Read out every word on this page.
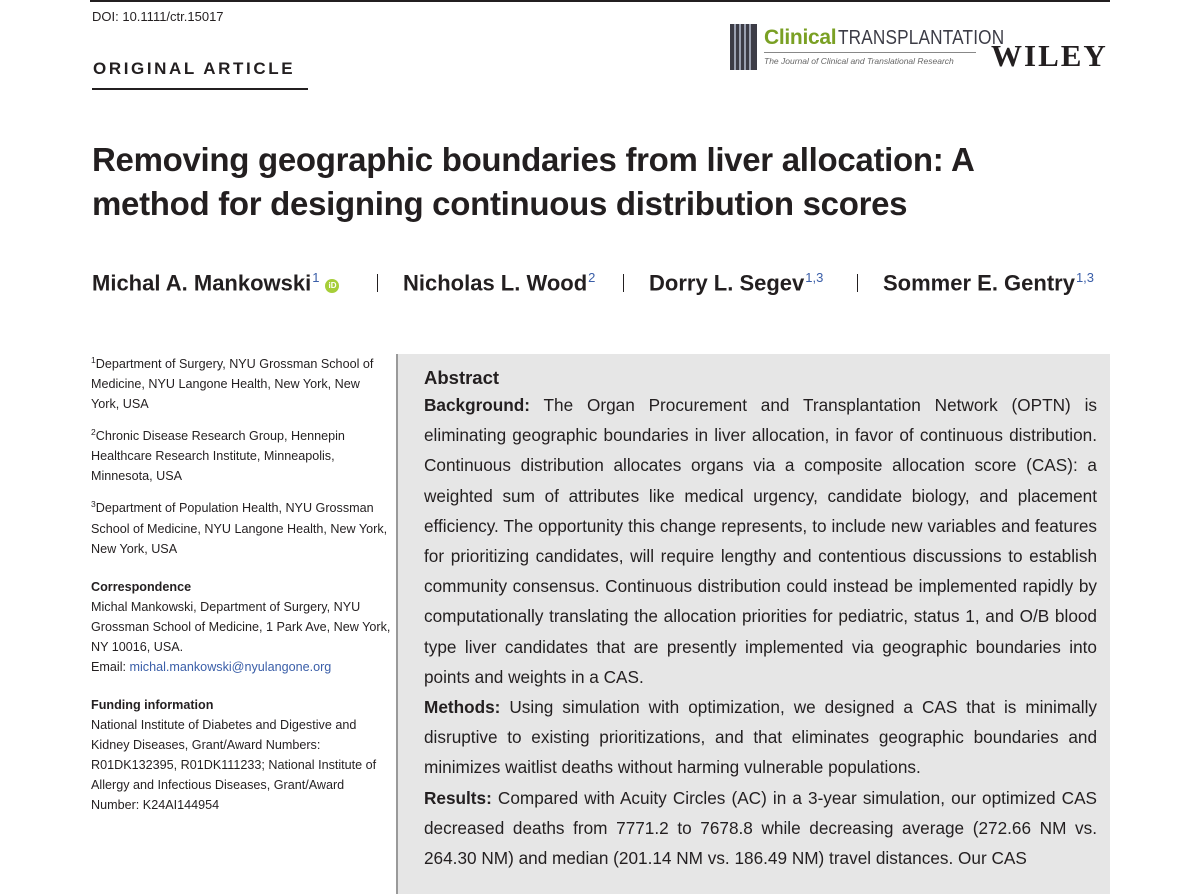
DOI: 10.1111/ctr.15017
ORIGINAL ARTICLE
Clinical TRANSPLANTATION
The Journal of Clinical and Translational Research WILEY
Removing geographic boundaries from liver allocation: A method for designing continuous distribution scores
Michal A. Mankowski$^1$iD	Nicholas L. Wood$^2$ Dorry L. Segev$^{1,3}$	Sommer E. Gentry$^{1,3}$

$^1$Department of Surgery, NYU Grossman School of Medicine, NYU Langone Health, New York, New York, USA

$^2$Chronic Disease Research Group, Hennepin Healthcare Research Institute, Minneapolis, Minnesota, USA

$^3$Department of Population Health, NYU Grossman School of Medicine, NYU Langone Health, New York, New York, USA

Correspondence

Michal Mankowski, Department of Surgery, NYU Grossman School of Medicine, 1 Park Ave, New York, NY 10016, USA.

Email: michal.mankowski@nyulangone.org

Funding information

National Institute of Diabetes and Digestive and Kidney Diseases, Grant/Award Numbers: R01DK132395, R01DK111233; National Institute of Allergy and Infectious Diseases, Grant/Award Number: K24AI144954

Abstract

Background: The Organ Procurement and Transplantation Network (OPTN) is eliminating geographic boundaries in liver allocation, in favor of continuous distribution. Continuous distribution allocates organs via a composite allocation score (CAS): a weighted sum of attributes like medical urgency, candidate biology, and placement efficiency. The opportunity this change represents, to include new variables and features for prioritizing candidates, will require lengthy and contentious discussions to establish community consensus. Continuous distribution could instead be implemented rapidly by computationally translating the allocation priorities for pediatric, status 1, and O/B blood type liver candidates that are presently implemented via geographic boundaries into points and weights in a CAS.

Methods: Using simulation with optimization, we designed a CAS that is minimally disruptive to existing prioritizations, and that eliminates geographic boundaries and minimizes waitlist deaths without harming vulnerable populations.

Results: Compared with Acuity Circles (AC) in a 3-year simulation, our optimized CAS decreased deaths from 7771.2 to 7678.8 while decreasing average (272.66 NM vs. 264.30 NM) and median (201.14 NM vs. 186.49 NM) travel distances. Our CAS
